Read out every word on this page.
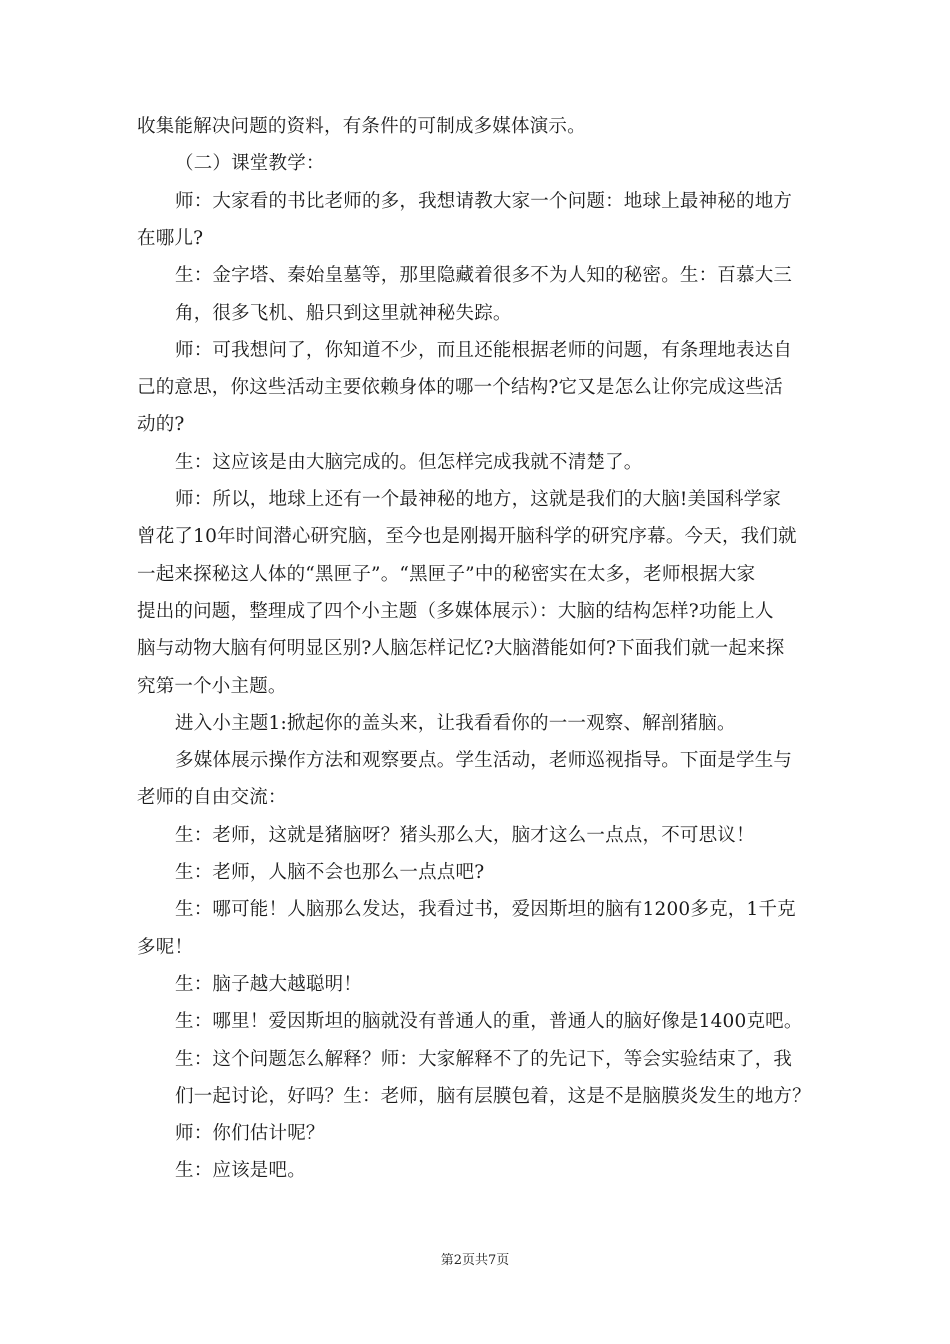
收集能解决问题的资料，有条件的可制成多媒体演示。
（二）课堂教学：
师：大家看的书比老师的多，我想请教大家一个问题：地球上最神秘的地方
在哪儿?
生：金字塔、秦始皇墓等，那里隐藏着很多不为人知的秘密。生：百慕大三
角，很多飞机、船只到这里就神秘失踪。
师：可我想问了，你知道不少，而且还能根据老师的问题，有条理地表达自
己的意思，你这些活动主要依赖身体的哪一个结构?它又是怎么让你完成这些活
动的?
生：这应该是由大脑完成的。但怎样完成我就不清楚了。
师：所以，地球上还有一个最神秘的地方，这就是我们的大脑!美国科学家
曾花了10年时间潜心研究脑，至今也是刚揭开脑科学的研究序幕。今天，我们就
一起来探秘这人体的“黑匣子”。“黑匣子”中的秘密实在太多，老师根据大家
提出的问题，整理成了四个小主题（多媒体展示）：大脑的结构怎样?功能上人
脑与动物大脑有何明显区别?人脑怎样记忆?大脑潜能如何?下面我们就一起来探
究第一个小主题。
进入小主题1:掀起你的盖头来，让我看看你的一一观察、解剖猪脑。
多媒体展示操作方法和观察要点。学生活动，老师巡视指导。下面是学生与
老师的自由交流：
生：老师，这就是猪脑呀？猪头那么大，脑才这么一点点，不可思议！
生：老师，人脑不会也那么一点点吧?
生：哪可能！人脑那么发达，我看过书，爱因斯坦的脑有1200多克，1千克
多呢！
生：脑子越大越聪明！
生：哪里！爱因斯坦的脑就没有普通人的重，普通人的脑好像是1400克吧。
生：这个问题怎么解释？师：大家解释不了的先记下，等会实验结束了，我
们一起讨论，好吗？生：老师，脑有层膜包着，这是不是脑膜炎发生的地方？
师：你们估计呢？
生：应该是吧。
第2页共7页
